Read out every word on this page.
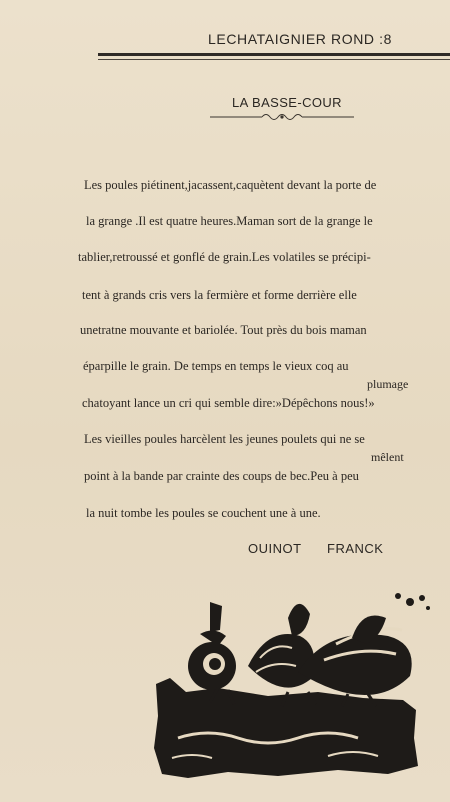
LECHATAIGNIER ROND :8
LA BASSE-COUR
Les poules piétinent,jacassent,caquètent devant la porte de
la grange .Il est quatre heures.Maman sort de la grange le
tablier,retroussé et gonflé de grain.Les volatiles se précipi-
tent à grands cris vers la fermière et forme derrière elle
unetratne mouvante et bariolée. Tout près du bois maman
éparpille le grain. De temps en temps le vieux coq au
plumage
chatoyant lance un cri qui semble dire:»Dépêchons nous!»
Les vieilles poules harcèlent les jeunes poulets qui ne se
mêlent
point à la bande par crainte des coups de bec.Peu à peu
la nuit tombe les poules se couchent une à une.
OUINOT FRANCK
